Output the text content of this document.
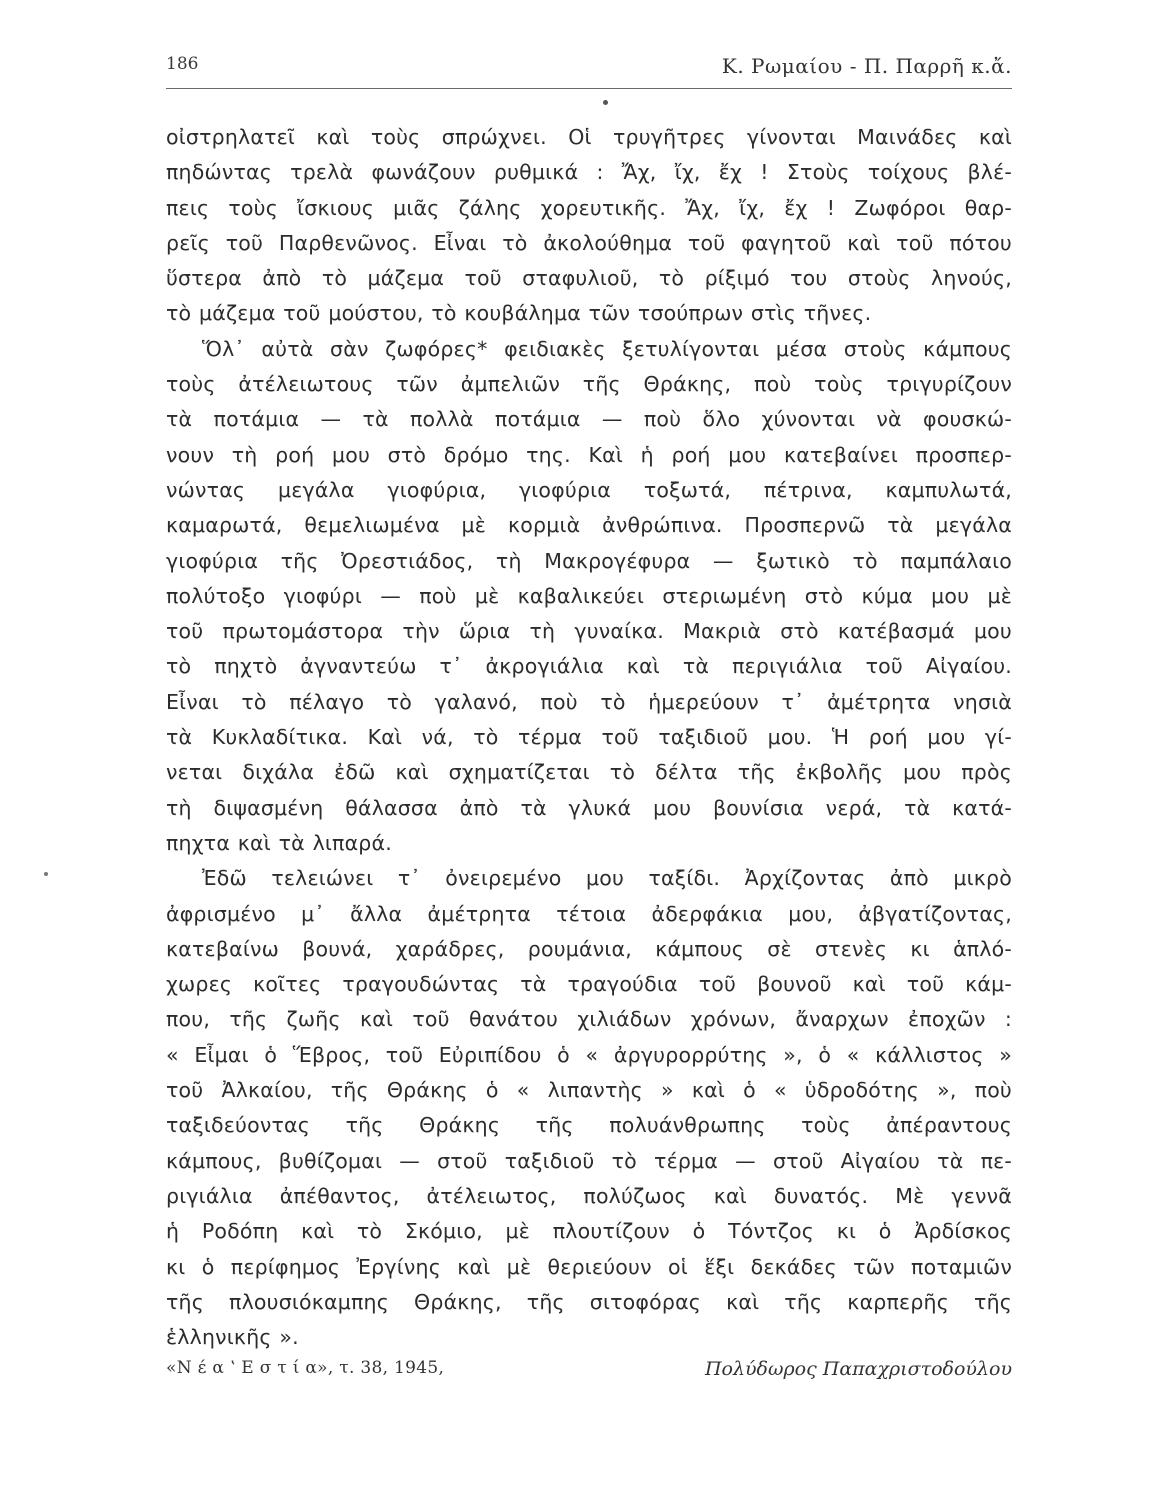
186	Κ. Ρωμαίου - Π. Παρρῆ κ.ἄ.
οἰστρηλατεῖ καὶ τοὺς σπρώχνει. Οἱ τρυγῆτρες γίνονται Μαινάδες καὶ
πηδώντας τρελὰ φωνάζουν ρυθμικά : Ἄχ, ἴχ, ἔχ ! Στοὺς τοίχους βλέ-
πεις τοὺς ἴσκιους μιᾶς ζάλης χορευτικῆς. Ἄχ, ἴχ, ἔχ ! Ζωφόροι θαρ-
ρεῖς τοῦ Παρθενῶνος. Εἶναι τὸ ἀκολούθημα τοῦ φαγητοῦ καὶ τοῦ πότου
ὕστερα ἀπὸ τὸ μάζεμα τοῦ σταφυλιοῦ, τὸ ρίξιμό του στοὺς ληνούς,
τὸ μάζεμα τοῦ μούστου, τὸ κουβάλημα τῶν τσούπρων στὶς τῆνες.
Ὅλ᾽ αὐτὰ σὰν ζωφόρες* φειδιακὲς ξετυλίγονται μέσα στοὺς κάμπους
τοὺς ἀτέλειωτους τῶν ἀμπελιῶν τῆς Θράκης, ποὺ τοὺς τριγυρίζουν
τὰ ποτάμια — τὰ πολλὰ ποτάμια — ποὺ ὅλο χύνονται νὰ φουσκώ-
νουν τὴ ροή μου στὸ δρόμο της. Καὶ ἡ ροή μου κατεβαίνει προσπερ-
νώντας μεγάλα γιοφύρια, γιοφύρια τοξωτά, πέτρινα, καμπυλωτά,
καμαρωτά, θεμελιωμένα μὲ κορμιὰ ἀνθρώπινα. Προσπερνῶ τὰ μεγάλα
γιοφύρια τῆς Ὀρεστιάδος, τὴ Μακρογέφυρα — ξωτικὸ τὸ παμπάλαιο
πολύτοξο γιοφύρι — ποὺ μὲ καβαλικεύει στεριωμένη στὸ κύμα μου μὲ
τοῦ πρωτομάστορα τὴν ὥρια τὴ γυναίκα. Μακριὰ στὸ κατέβασμά μου
τὸ πηχτὸ ἀγναντεύω τ᾽ ἀκρογιάλια καὶ τὰ περιγιάλια τοῦ Αἰγαίου.
Εἶναι τὸ πέλαγο τὸ γαλανό, ποὺ τὸ ἡμερεύουν τ᾽ ἀμέτρητα νησιὰ
τὰ Κυκλαδίτικα. Καὶ νά, τὸ τέρμα τοῦ ταξιδιοῦ μου. Ἡ ροή μου γί-
νεται διχάλα ἐδῶ καὶ σχηματίζεται τὸ δέλτα τῆς ἐκβολῆς μου πρὸς
τὴ διψασμένη θάλασσα ἀπὸ τὰ γλυκά μου βουνίσια νερά, τὰ κατά-
πηχτα καὶ τὰ λιπαρά.
Ἐδῶ τελειώνει τ᾽ ὀνειρεμένο μου ταξίδι. Ἀρχίζοντας ἀπὸ μικρὸ
ἀφρισμένο μ᾽ ἄλλα ἀμέτρητα τέτοια ἀδερφάκια μου, ἀβγατίζοντας,
κατεβαίνω βουνά, χαράδρες, ρουμάνια, κάμπους σὲ στενὲς κι ἁπλό-
χωρες κοῖτες τραγουδώντας τὰ τραγούδια τοῦ βουνοῦ καὶ τοῦ κάμ-
που, τῆς ζωῆς καὶ τοῦ θανάτου χιλιάδων χρόνων, ἄναρχων ἐποχῶν :
« Εἶμαι ὁ Ἕβρος, τοῦ Εὐριπίδου ὁ « ἀργυρορρύτης », ὁ « κάλλιστος »
τοῦ Ἀλκαίου, τῆς Θράκης ὁ « λιπαντὴς » καὶ ὁ « ὑδροδότης », ποὺ
ταξιδεύοντας τῆς Θράκης τῆς πολυάνθρωπης τοὺς ἀπέραντους
κάμπους, βυθίζομαι — στοῦ ταξιδιοῦ τὸ τέρμα — στοῦ Αἰγαίου τὰ πε-
ριγιάλια ἀπέθαντος, ἀτέλειωτος, πολύζωος καὶ δυνατός. Μὲ γεννᾶ
ἡ Ροδόπη καὶ τὸ Σκόμιο, μὲ πλουτίζουν ὁ Τόντζος κι ὁ Ἀρδίσκος
κι ὁ περίφημος Ἐργίνης καὶ μὲ θεριεύουν οἱ ἕξι δεκάδες τῶν ποταμιῶν
τῆς πλουσιόκαμπης Θράκης, τῆς σιτοφόρας καὶ τῆς καρπερῆς τῆς
ἑλληνικῆς ».
«Ν έ α ʽ Ε σ τ ί α», τ. 38, 1945,	Πολύδωρος Παπαχριστοδούλου
